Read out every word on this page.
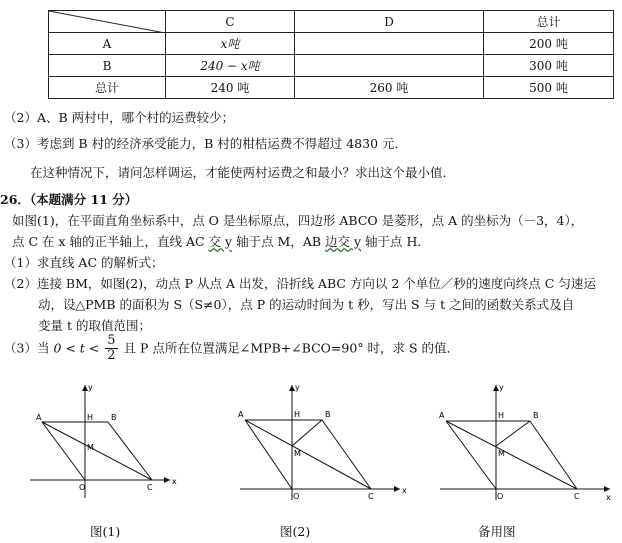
	C	D	总计
A	x吨		200 吨
B	240 − x吨		300 吨
总计	240 吨	260 吨	500 吨
（2）A、B 两村中，哪个村的运费较少；
（3）考虑到 B 村的经济承受能力，B 村的柑桔运费不得超过 4830 元．
在这种情况下，请问怎样调运，才能使两村运费之和最小？求出这个最小值．
26．（本题满分 11 分）
如图(1)，在平面直角坐标系中，点 O 是坐标原点，四边形 ABCO 是菱形，点 A 的坐标为（－3，4），
点 C 在 x 轴的正半轴上，直线 AC 交 y 轴于点 M，AB 边交 y 轴于点 H．
（1）求直线 AC 的解析式；
（2）连接 BM，如图(2)，动点 P 从点 A 出发，沿折线 ABC 方向以 2 个单位／秒的速度向终点 C 匀速运
动，设△PMB 的面积为 S（S≠0），点 P 的运动时间为 t 秒，写出 S 与 t 之间的函数关系式及自
变量 t 的取值范围；
（3）当 $0 < t < \frac{5}{2}$ 且 P 点所在位置满足∠MPB+∠BCO=90° 时，求 S 的值．
A	B
H
M
O	C
x
y
图(1)
A	B
H
M
O	C
x
y
图(2)
A	B
H
M
O	C	x
y
备用图
